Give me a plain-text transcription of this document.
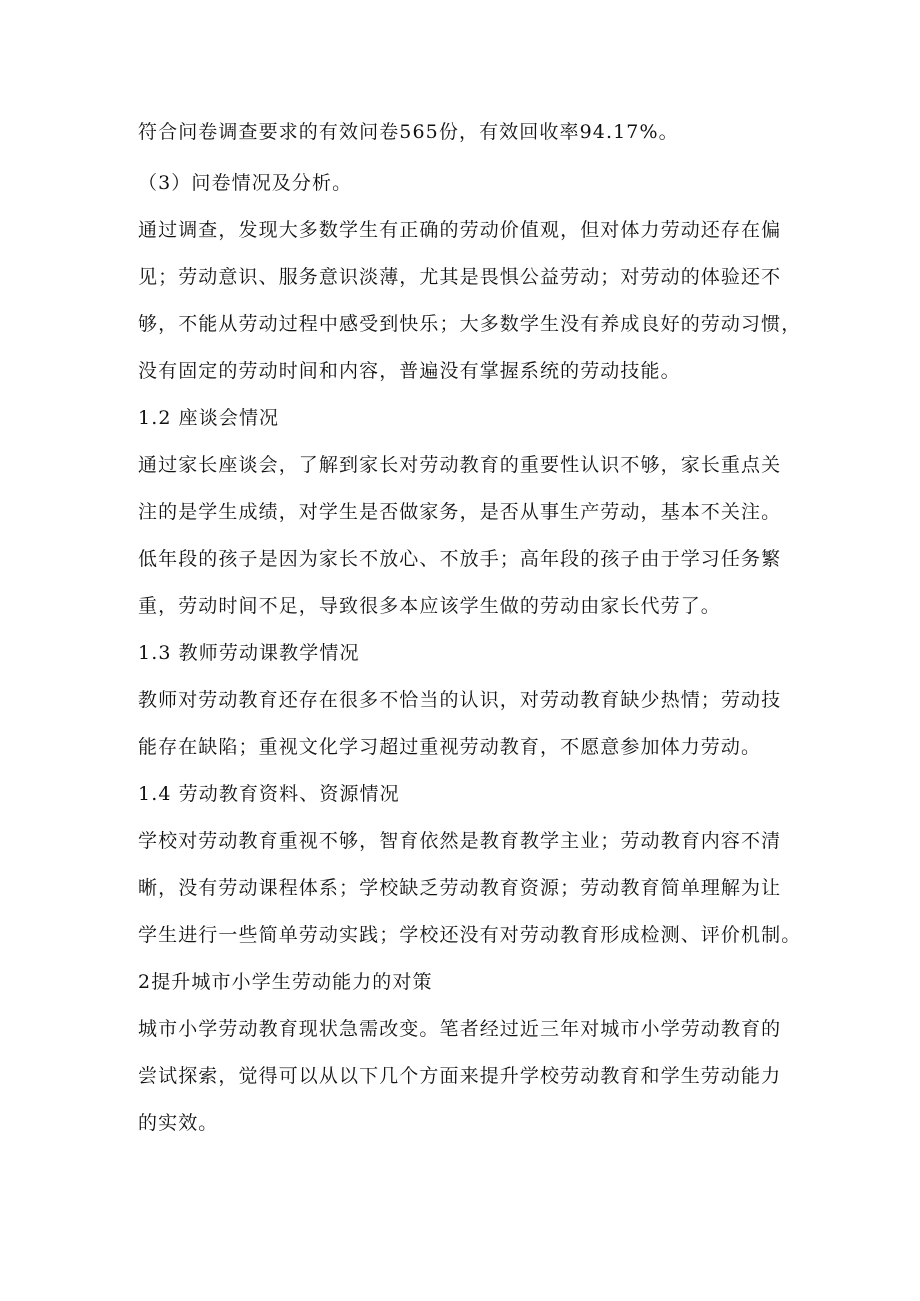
符合问卷调查要求的有效问卷565份，有效回收率94.17%。
（3）问卷情况及分析。
通过调查，发现大多数学生有正确的劳动价值观，但对体力劳动还存在偏
见；劳动意识、服务意识淡薄，尤其是畏惧公益劳动；对劳动的体验还不
够，不能从劳动过程中感受到快乐；大多数学生没有养成良好的劳动习惯，
没有固定的劳动时间和内容，普遍没有掌握系统的劳动技能。
1.2 座谈会情况
通过家长座谈会，了解到家长对劳动教育的重要性认识不够，家长重点关
注的是学生成绩，对学生是否做家务，是否从事生产劳动，基本不关注。
低年段的孩子是因为家长不放心、不放手；高年段的孩子由于学习任务繁
重，劳动时间不足，导致很多本应该学生做的劳动由家长代劳了。
1.3 教师劳动课教学情况
教师对劳动教育还存在很多不恰当的认识，对劳动教育缺少热情；劳动技
能存在缺陷；重视文化学习超过重视劳动教育，不愿意参加体力劳动。
1.4 劳动教育资料、资源情况
学校对劳动教育重视不够，智育依然是教育教学主业；劳动教育内容不清
晰，没有劳动课程体系；学校缺乏劳动教育资源；劳动教育简单理解为让
学生进行一些简单劳动实践；学校还没有对劳动教育形成检测、评价机制。
2提升城市小学生劳动能力的对策
城市小学劳动教育现状急需改变。笔者经过近三年对城市小学劳动教育的
尝试探索，觉得可以从以下几个方面来提升学校劳动教育和学生劳动能力
的实效。
